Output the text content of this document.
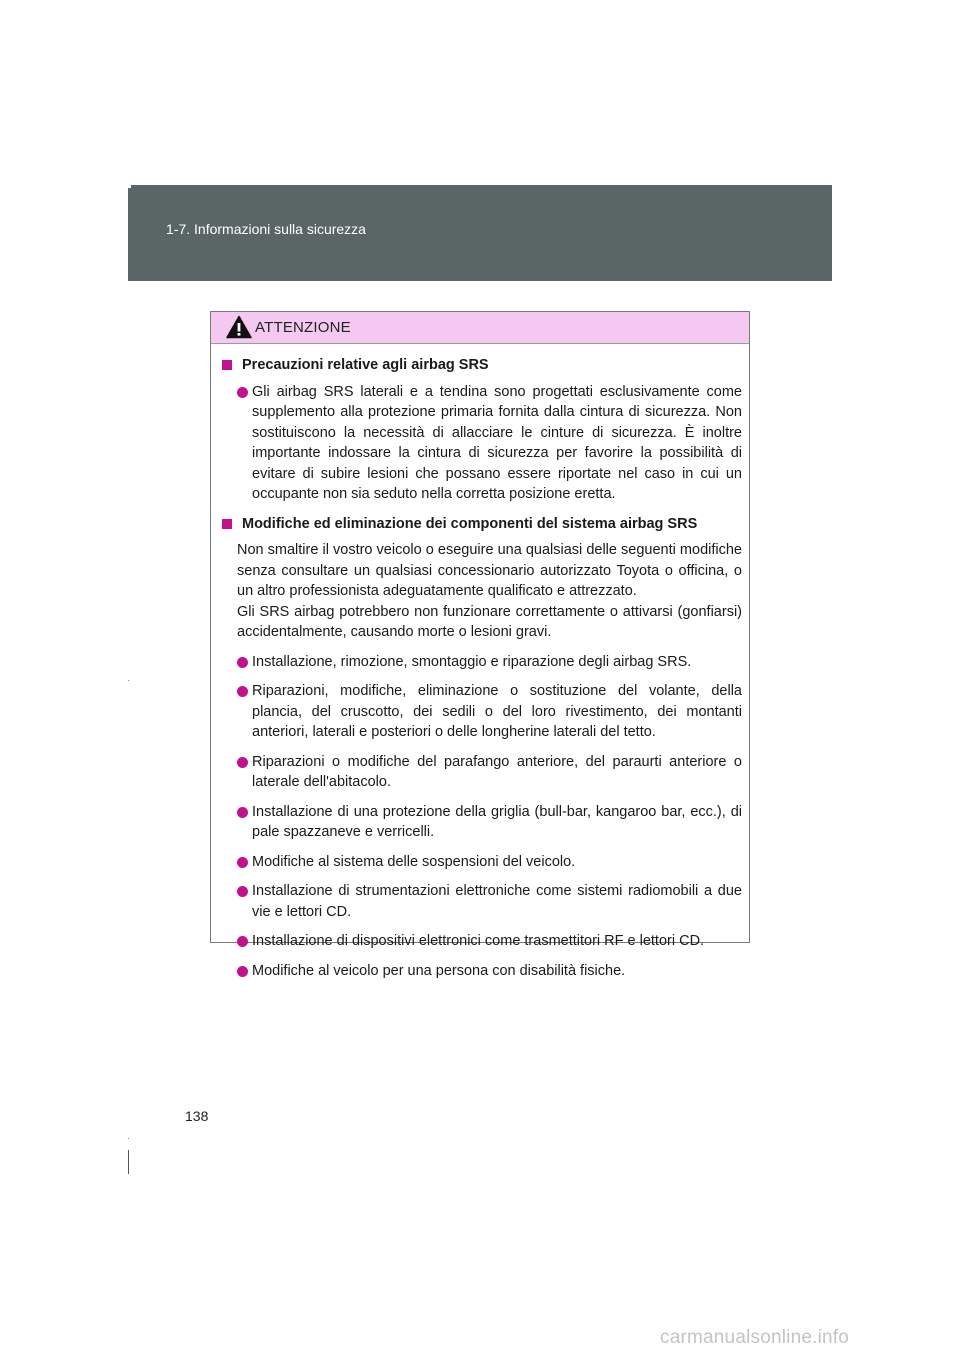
1-7. Informazioni sulla sicurezza
ATTENZIONE
Precauzioni relative agli airbag SRS
Gli airbag SRS laterali e a tendina sono progettati esclusivamente come supplemento alla protezione primaria fornita dalla cintura di sicurezza. Non sostituiscono la necessità di allacciare le cinture di sicurezza. È inoltre importante indossare la cintura di sicurezza per favorire la possibilità di evitare di subire lesioni che possano essere riportate nel caso in cui un occupante non sia seduto nella corretta posizione eretta.
Modifiche ed eliminazione dei componenti del sistema airbag SRS
Non smaltire il vostro veicolo o eseguire una qualsiasi delle seguenti modifiche senza consultare un qualsiasi concessionario autorizzato Toyota o officina, o un altro professionista adeguatamente qualificato e attrezzato.
Gli SRS airbag potrebbero non funzionare correttamente o attivarsi (gonfiarsi) accidentalmente, causando morte o lesioni gravi.
Installazione, rimozione, smontaggio e riparazione degli airbag SRS.
Riparazioni, modifiche, eliminazione o sostituzione del volante, della plancia, del cruscotto, dei sedili o del loro rivestimento, dei montanti anteriori, laterali e posteriori o delle longherine laterali del tetto.
Riparazioni o modifiche del parafango anteriore, del paraurti anteriore o laterale dell'abitacolo.
Installazione di una protezione della griglia (bull-bar, kangaroo bar, ecc.), di pale spazzaneve e verricelli.
Modifiche al sistema delle sospensioni del veicolo.
Installazione di strumentazioni elettroniche come sistemi radiomobili a due vie e lettori CD.
Installazione di dispositivi elettronici come trasmettitori RF e lettori CD.
Modifiche al veicolo per una persona con disabilità fisiche.
138
carmanualsonline.info
